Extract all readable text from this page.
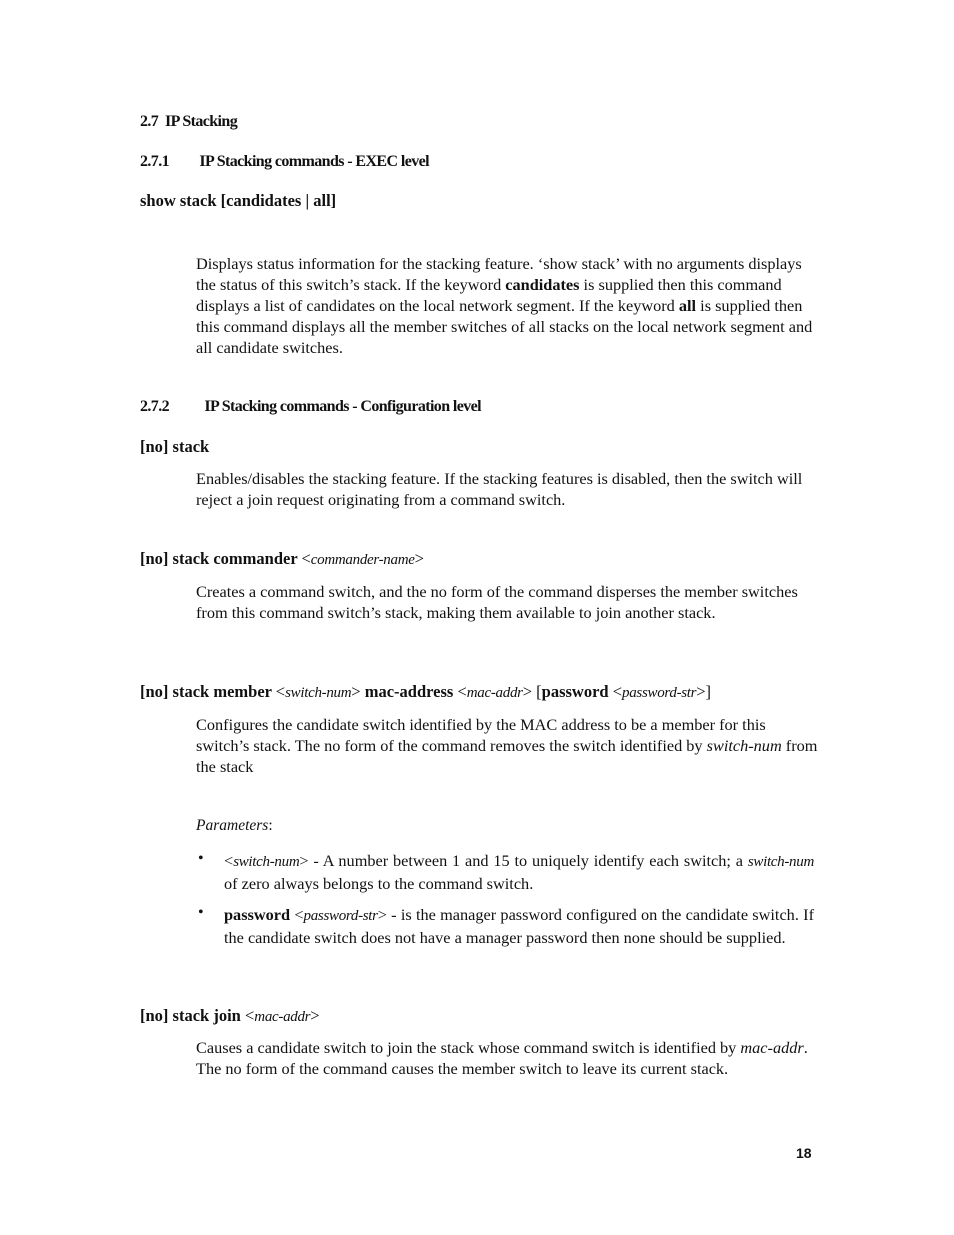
2.7 IP Stacking
2.7.1 IP Stacking commands - EXEC level
show stack [candidates | all]
Displays status information for the stacking feature. ‘show stack’ with no arguments displays the status of this switch’s stack. If the keyword candidates is supplied then this command displays a list of candidates on the local network segment. If the keyword all is supplied then this command displays all the member switches of all stacks on the local network segment and all candidate switches.
2.7.2 IP Stacking commands - Configuration level
[no] stack
Enables/disables the stacking feature. If the stacking features is disabled, then the switch will reject a join request originating from a command switch.
[no] stack commander <commander-name>
Creates a command switch, and the no form of the command disperses the member switches from this command switch’s stack, making them available to join another stack.
[no] stack member <switch-num> mac-address <mac-addr> [password <password-str>]
Configures the candidate switch identified by the MAC address to be a member for this switch’s stack. The no form of the command removes the switch identified by switch-num from the stack
Parameters:
• <switch-num> - A number between 1 and 15 to uniquely identify each switch; a switch-num of zero always belongs to the command switch.
• password <password-str> - is the manager password configured on the candidate switch. If the candidate switch does not have a manager password then none should be supplied.
[no] stack join <mac-addr>
Causes a candidate switch to join the stack whose command switch is identified by mac-addr. The no form of the command causes the member switch to leave its current stack.
18
